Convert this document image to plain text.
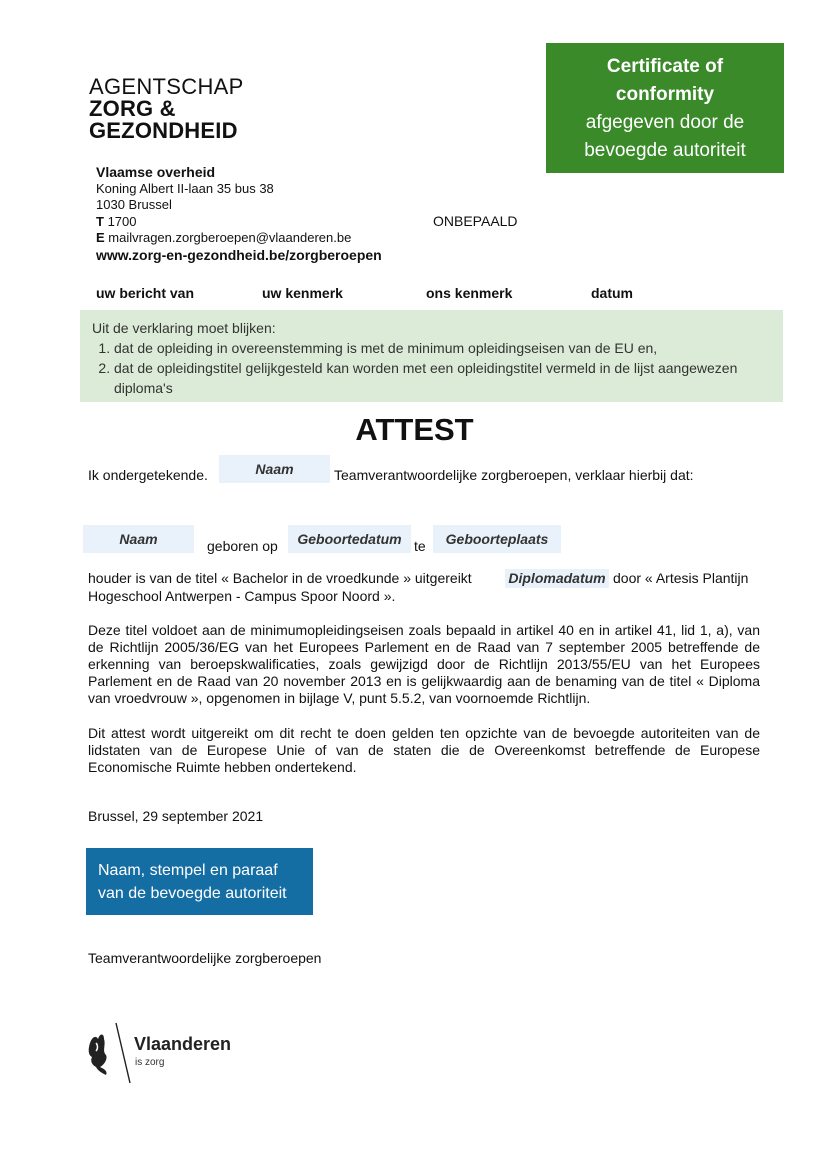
AGENTSCHAP
ZORG &
GEZONDHEID
Certificate of
conformity
afgegeven door de
bevoegde autoriteit
Vlaamse overheid
Koning Albert II-laan 35 bus 38
1030 Brussel
T 1700
E mailvragen.zorgberoepen@vlaanderen.be
www.zorg-en-gezondheid.be/zorgberoepen
ONBEPAALD
uw bericht van	uw kenmerk	ons kenmerk	datum
Uit de verklaring moet blijken:
1. dat de opleiding in overeenstemming is met de minimum opleidingseisen van de EU en,
2. dat de opleidingstitel gelijkgesteld kan worden met een opleidingstitel vermeld in de lijst aangewezen diploma's
ATTEST
Ik ondergetekende.	Naam	Teamverantwoordelijke zorgberoepen, verklaar hierbij dat:
Naam	geboren op	Geboortedatum te	Geboorteplaats
houder is van de titel « Bachelor in de vroedkunde » uitgereikt	Diplomadatum door « Artesis Plantijn
Hogeschool Antwerpen - Campus Spoor Noord ».
Deze titel voldoet aan de minimumopleidingseisen zoals bepaald in artikel 40 en in artikel 41, lid 1, a), van de Richtlijn 2005/36/EG van het Europees Parlement en de Raad van 7 september 2005 betreffende de erkenning van beroepskwalificaties, zoals gewijzigd door de Richtlijn 2013/55/EU van het Europees Parlement en de Raad van 20 november 2013 en is gelijkwaardig aan de benaming van de titel « Diploma van vroedvrouw », opgenomen in bijlage V, punt 5.5.2, van voornoemde Richtlijn.
Dit attest wordt uitgereikt om dit recht te doen gelden ten opzichte van de bevoegde autoriteiten van de lidstaten van de Europese Unie of van de staten die de Overeenkomst betreffende de Europese Economische Ruimte hebben ondertekend.
Brussel, 29 september 2021
Naam, stempel en paraaf
van de bevoegde autoriteit
Teamverantwoordelijke zorgberoepen
Vlaanderen
is zorg
